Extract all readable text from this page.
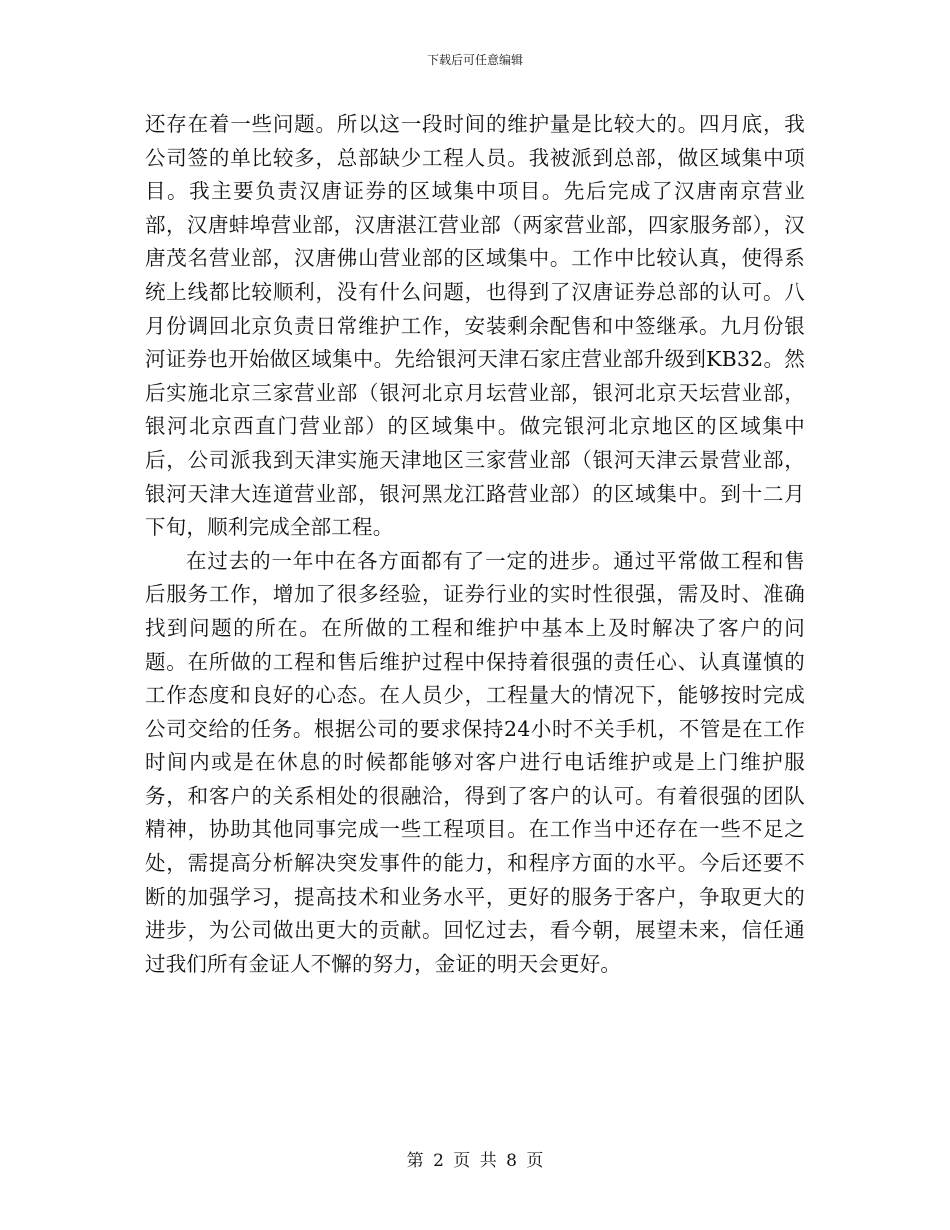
下载后可任意编辑

还存在着一些问题。所以这一段时间的维护量是比较大的。四月底，我公司签的单比较多，总部缺少工程人员。我被派到总部，做区域集中项目。我主要负责汉唐证券的区域集中项目。先后完成了汉唐南京营业部，汉唐蚌埠营业部，汉唐湛江营业部（两家营业部，四家服务部），汉唐茂名营业部，汉唐佛山营业部的区域集中。工作中比较认真，使得系统上线都比较顺利，没有什么问题，也得到了汉唐证券总部的认可。八月份调回北京负责日常维护工作，安装剩余配售和中签继承。九月份银河证券也开始做区域集中。先给银河天津石家庄营业部升级到KB32。然后实施北京三家营业部（银河北京月坛营业部，银河北京天坛营业部，银河北京西直门营业部）的区域集中。做完银河北京地区的区域集中后，公司派我到天津实施天津地区三家营业部（银河天津云景营业部，银河天津大连道营业部，银河黑龙江路营业部）的区域集中。到十二月下旬，顺利完成全部工程。

在过去的一年中在各方面都有了一定的进步。通过平常做工程和售后服务工作，增加了很多经验，证券行业的实时性很强，需及时、准确找到问题的所在。在所做的工程和维护中基本上及时解决了客户的问题。在所做的工程和售后维护过程中保持着很强的责任心、认真谨慎的工作态度和良好的心态。在人员少，工程量大的情况下，能够按时完成公司交给的任务。根据公司的要求保持24小时不关手机，不管是在工作时间内或是在休息的时候都能够对客户进行电话维护或是上门维护服务，和客户的关系相处的很融洽，得到了客户的认可。有着很强的团队精神，协助其他同事完成一些工程项目。在工作当中还存在一些不足之处，需提高分析解决突发事件的能力，和程序方面的水平。今后还要不断的加强学习，提高技术和业务水平，更好的服务于客户，争取更大的进步，为公司做出更大的贡献。回忆过去，看今朝，展望未来，信任通过我们所有金证人不懈的努力，金证的明天会更好。

第 2 页 共 8 页
